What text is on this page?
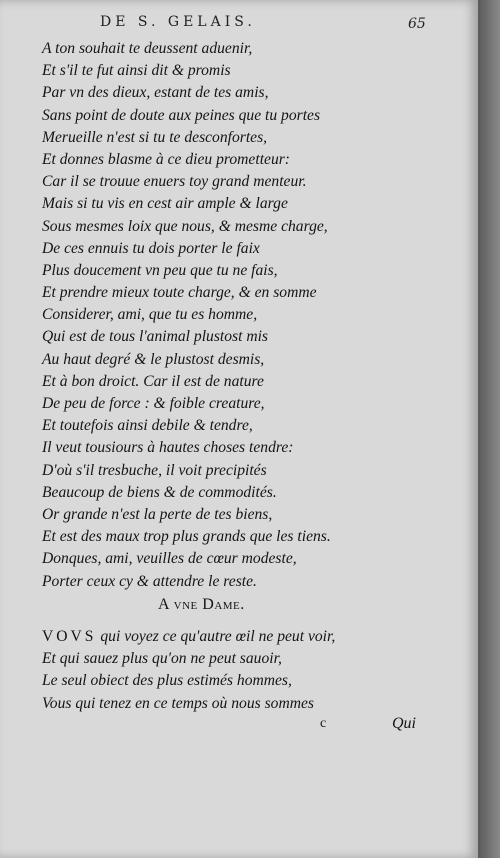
DE S. GELAIS.	65
A ton souhait te deussent aduenir,
Et s'il te fut ainsi dit & promis
Par vn des dieux, estant de tes amis,
Sans point de doute aux peines que tu portes
Merueille n'est si tu te desconfortes,
Et donnes blasme à ce dieu prometteur:
Car il se trouue enuers toy grand menteur.
Mais si tu vis en cest air ample & large
Sous mesmes loix que nous, & mesme charge,
De ces ennuis tu dois porter le faix
Plus doucement vn peu que tu ne fais,
Et prendre mieux toute charge, & en somme
Considerer, ami, que tu es homme,
Qui est de tous l'animal plustost mis
Au haut degré & le plustost desmis,
Et à bon droict. Car il est de nature
De peu de force : & foible creature,
Et toutefois ainsi debile & tendre,
Il veut tousiours à hautes choses tendre:
D'où s'il tresbuche, il voit precipités
Beaucoup de biens & de commodités.
Or grande n'est la perte de tes biens,
Et est des maux trop plus grands que les tiens.
Donques, ami, veuilles de cœur modeste,
Porter ceux cy & attendre le reste.
A vne Dame.
VOVS qui voyez ce qu'autre œil ne peut voir,
Et qui sauez plus qu'on ne peut sauoir,
Le seul obiect des plus estimés hommes,
Vous qui tenez en ce temps où nous sommes
c	Qui
